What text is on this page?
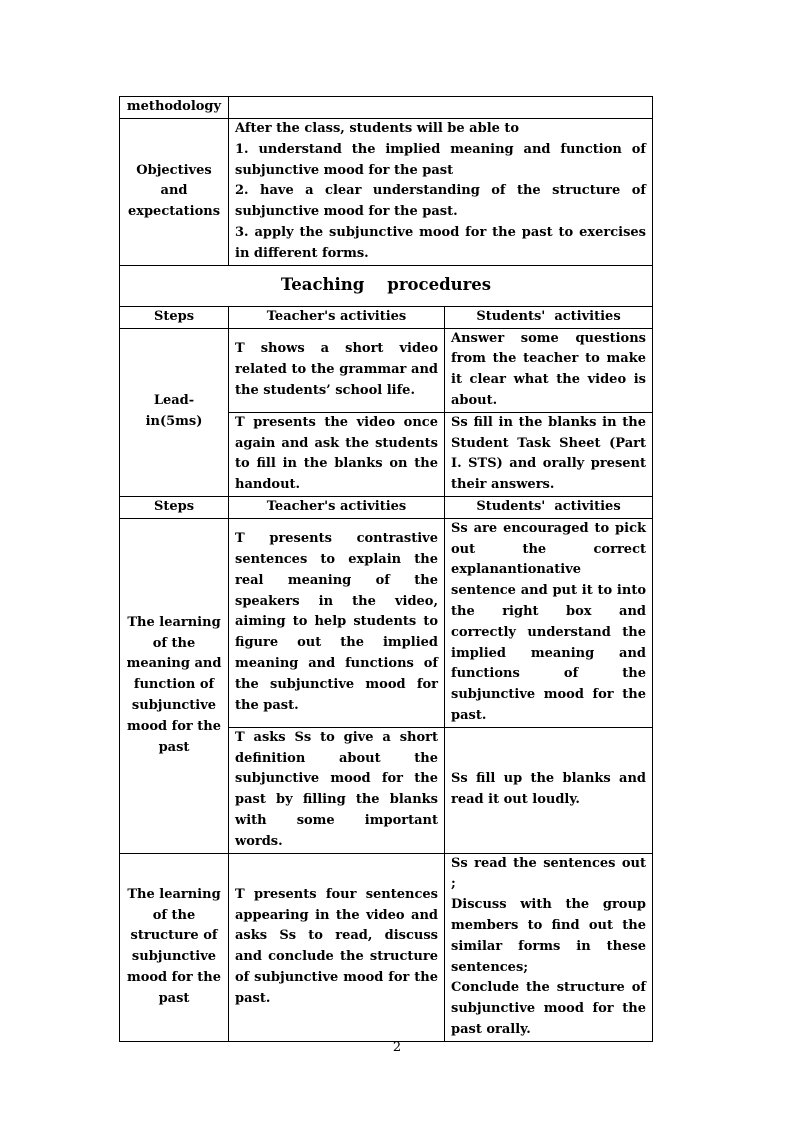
methodology		
Objectives and expectations	After the class, students will be able to
1. understand the implied meaning and function of subjunctive mood for the past
2. have a clear understanding of the structure of subjunctive mood for the past.
3. apply the subjunctive mood for the past to exercises in different forms.	

Teaching    procedures		
Steps	Teacher's activities	Students'  activities
Lead-in(5ms)	T shows a short video related to the grammar and the students’ school life.	Answer some questions from the teacher to make it clear what the video is about.
	T presents the video once again and ask the students to fill in the blanks on the handout.	Ss fill in the blanks in the Student Task Sheet (Part I. STS) and orally present their answers.
Steps	Teacher's activities	Students'  activities
The learning of the meaning and function of subjunctive mood for the past	T presents contrastive sentences to explain the real meaning of the speakers in the video, aiming to help students to figure out the implied meaning and functions of the subjunctive mood for the past.	Ss are encouraged to pick out the correct explanantionative sentence and put it to into the right box and correctly understand the implied meaning and functions of the subjunctive mood for the past.
	T asks Ss to give a short definition about the subjunctive mood for the past by filling the blanks with some important words.	Ss fill up the blanks and read it out loudly.
The learning of the structure of subjunctive mood for the past	T presents four sentences appearing in the video and asks Ss to read, discuss and conclude the structure of subjunctive mood for the past.	Ss read the sentences out ;
Discuss with the group members to find out the similar forms in these sentences;
Conclude the structure of subjunctive mood for the past orally.
2
